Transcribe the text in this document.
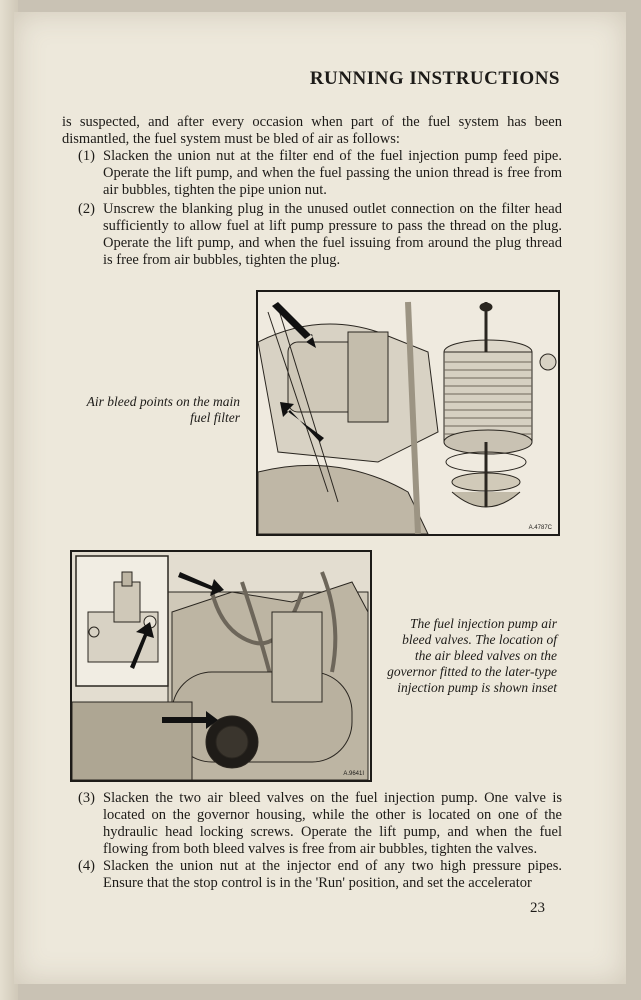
RUNNING INSTRUCTIONS
is suspected, and after every occasion when part of the fuel system has been dismantled, the fuel system must be bled of air as follows:
(1) Slacken the union nut at the filter end of the fuel injection pump feed pipe. Operate the lift pump, and when the fuel passing the union thread is free from air bubbles, tighten the pipe union nut.
(2) Unscrew the blanking plug in the unused outlet connection on the filter head sufficiently to allow fuel at lift pump pressure to pass the thread on the plug. Operate the lift pump, and when the fuel issuing from around the plug thread is free from air bubbles, tighten the plug.
Air bleed points on the main fuel filter
A.4787C
A.9641I
The fuel injection pump air bleed valves. The location of the air bleed valves on the governor fitted to the later-type injection pump is shown inset
(3) Slacken the two air bleed valves on the fuel injection pump. One valve is located on the governor housing, while the other is located on one of the hydraulic head locking screws. Operate the lift pump, and when the fuel flowing from both bleed valves is free from air bubbles, tighten the valves.
(4) Slacken the union nut at the injector end of any two high pressure pipes. Ensure that the stop control is in the 'Run' position, and set the accelerator
23
